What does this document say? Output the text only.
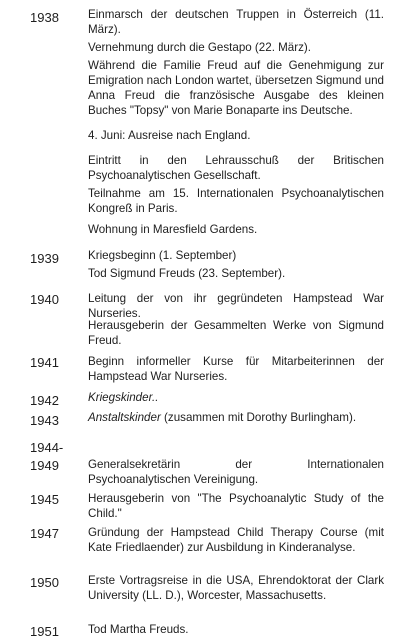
1938
1939
1940
1941
1942
1943
1944-
1949
1945
1947
1950
1951
Einmarsch der deutschen Truppen in Österreich (11. März).
Vernehmung durch die Gestapo (22. März).
Während die Familie Freud auf die Genehmigung zur Emigration nach London wartet, übersetzen Sigmund und Anna Freud die französische Ausgabe des kleinen Buches "Topsy" von Marie Bonaparte ins Deutsche.
4. Juni: Ausreise nach England.
Eintritt in den Lehrausschuß der Britischen Psychoanalytischen Gesellschaft.
Teilnahme am 15. Internationalen Psychoanalytischen Kongreß in Paris.
Wohnung in Maresfield Gardens.
Kriegsbeginn (1. September)
Tod Sigmund Freuds (23. September).
Leitung der von ihr gegründeten Hampstead War Nurseries.
Herausgeberin der Gesammelten Werke von Sigmund Freud.
Beginn informeller Kurse für Mitarbeiterinnen der Hampstead War Nurseries.
Kriegskinder..
Anstaltskinder (zusammen mit Dorothy Burlingham).
Generalsekretärin der Internationalen Psychoanalytischen Vereinigung.
Herausgeberin von "The Psychoanalytic Study of the Child."
Gründung der Hampstead Child Therapy Course (mit Kate Friedlaender) zur Ausbildung in Kinderanalyse.
Erste Vortragsreise in die USA, Ehrendoktorat der Clark University (LL. D.), Worcester, Massachusetts.
Tod Martha Freuds.
